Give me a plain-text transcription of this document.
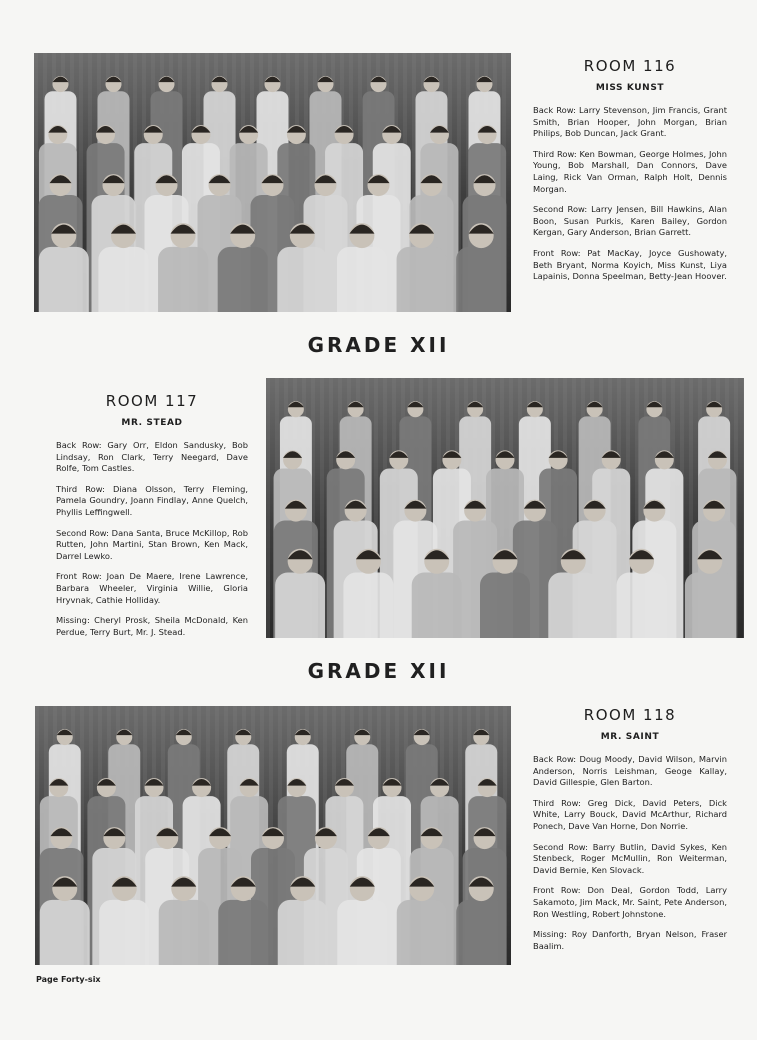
ROOM 116
MISS KUNST

Back Row: Larry Stevenson, Jim Francis, Grant Smith, Brian Hooper, John Morgan, Brian Philips, Bob Duncan, Jack Grant.

Third Row: Ken Bowman, George Holmes, John Young, Bob Marshall, Dan Connors, Dave Laing, Rick Van Orman, Ralph Holt, Dennis Morgan.

Second Row: Larry Jensen, Bill Hawkins, Alan Boon, Susan Purkis, Karen Bailey, Gordon Kergan, Gary Anderson, Brian Garrett.

Front Row: Pat MacKay, Joyce Gushowaty, Beth Bryant, Norma Koyich, Miss Kunst, Liya Lapainis, Donna Speelman, Betty-Jean Hoover.

GRADE XII
ROOM 117
MR. STEAD

Back Row: Gary Orr, Eldon Sandusky, Bob Lindsay, Ron Clark, Terry Neegard, Dave Rolfe, Tom Castles.

Third Row: Diana Olsson, Terry Fleming, Pamela Goundry, Joann Findlay, Anne Quelch, Phyllis Leffingwell.

Second Row: Dana Santa, Bruce McKillop, Rob Rutten, John Martini, Stan Brown, Ken Mack, Darrel Lewko.

Front Row: Joan De Maere, Irene Lawrence, Barbara Wheeler, Virginia Willie, Gloria Hryvnak, Cathie Holliday.

Missing: Cheryl Prosk, Sheila McDonald, Ken Perdue, Terry Burt, Mr. J. Stead.

GRADE XII
ROOM 118
MR. SAINT

Back Row: Doug Moody, David Wilson, Marvin Anderson, Norris Leishman, Geoge Kallay, David Gillespie, Glen Barton.

Third Row: Greg Dick, David Peters, Dick White, Larry Bouck, David McArthur, Richard Ponech, Dave Van Horne, Don Norrie.

Second Row: Barry Butlin, David Sykes, Ken Stenbeck, Roger McMullin, Ron Weiterman, David Bernie, Ken Slovack.

Front Row: Don Deal, Gordon Todd, Larry Sakamoto, Jim Mack, Mr. Saint, Pete Anderson, Ron Westling, Robert Johnstone.

Missing: Roy Danforth, Bryan Nelson, Fraser Baalim.

Page Forty-six
